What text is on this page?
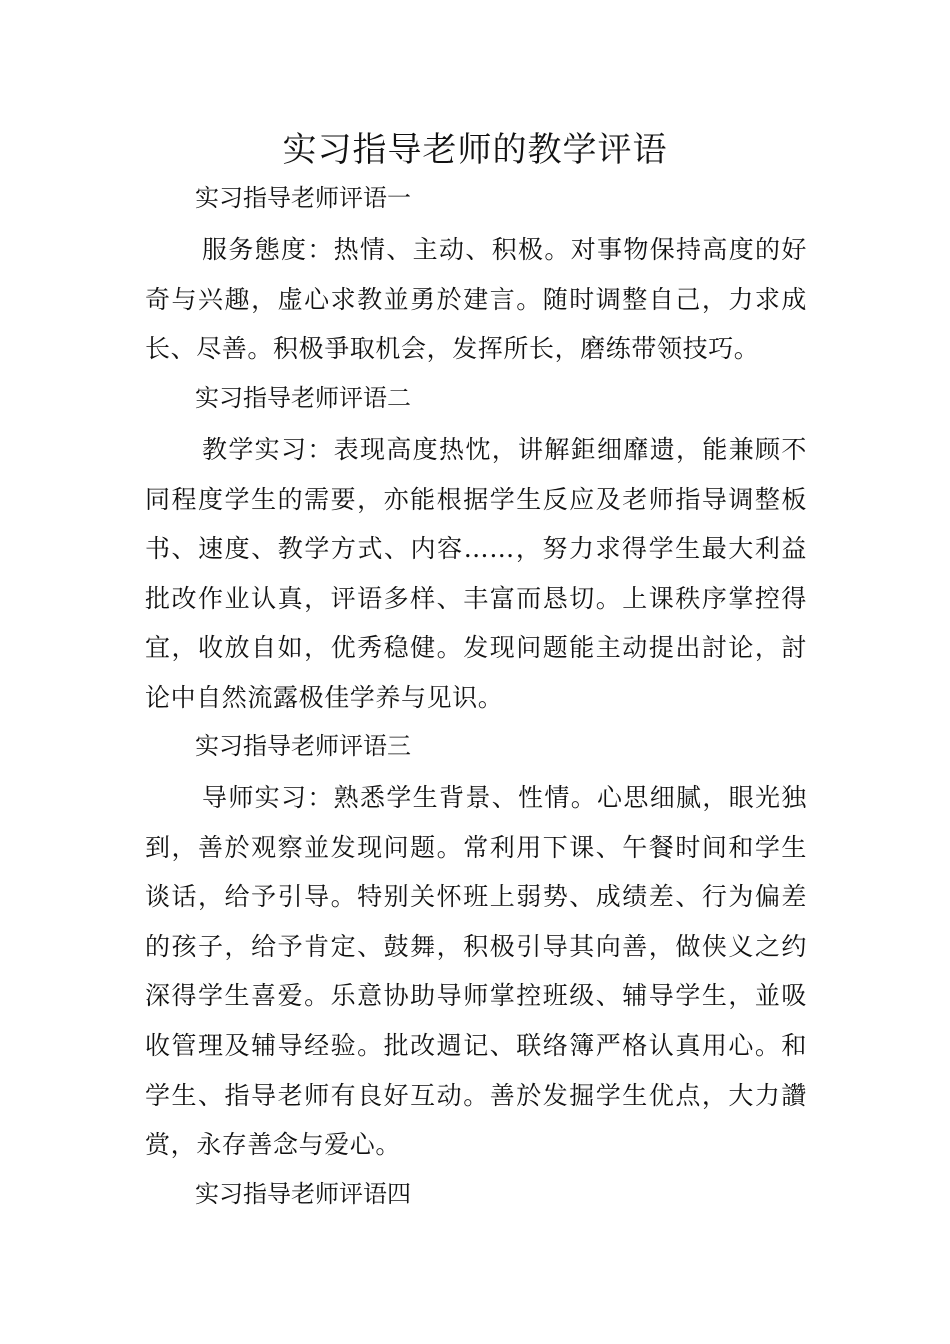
实习指导老师的教学评语

实习指导老师评语一

服务態度：热情、主动、积极。对事物保持高度的好奇与兴趣，虚心求教並勇於建言。随时调整自己，力求成长、尽善。积极爭取机会，发挥所长，磨练带领技巧。

实习指导老师评语二

教学实习：表现高度热忱，讲解鉅细靡遗，能兼顾不同程度学生的需要，亦能根据学生反应及老师指导调整板书、速度、教学方式、内容……，努力求得学生最大利益批改作业认真，评语多样、丰富而恳切。上课秩序掌控得宜，收放自如，优秀稳健。发现问题能主动提出討论，討论中自然流露极佳学养与见识。

实习指导老师评语三

导师实习：熟悉学生背景、性情。心思细腻，眼光独到，善於观察並发现问题。常利用下课、午餐时间和学生谈话，给予引导。特别关怀班上弱势、成绩差、行为偏差的孩子，给予肯定、鼓舞，积极引导其向善，做侠义之约深得学生喜爱。乐意协助导师掌控班级、辅导学生，並吸收管理及辅导经验。批改週记、联络簿严格认真用心。和学生、指导老师有良好互动。善於发掘学生优点，大力讚赏，永存善念与爱心。

实习指导老师评语四
